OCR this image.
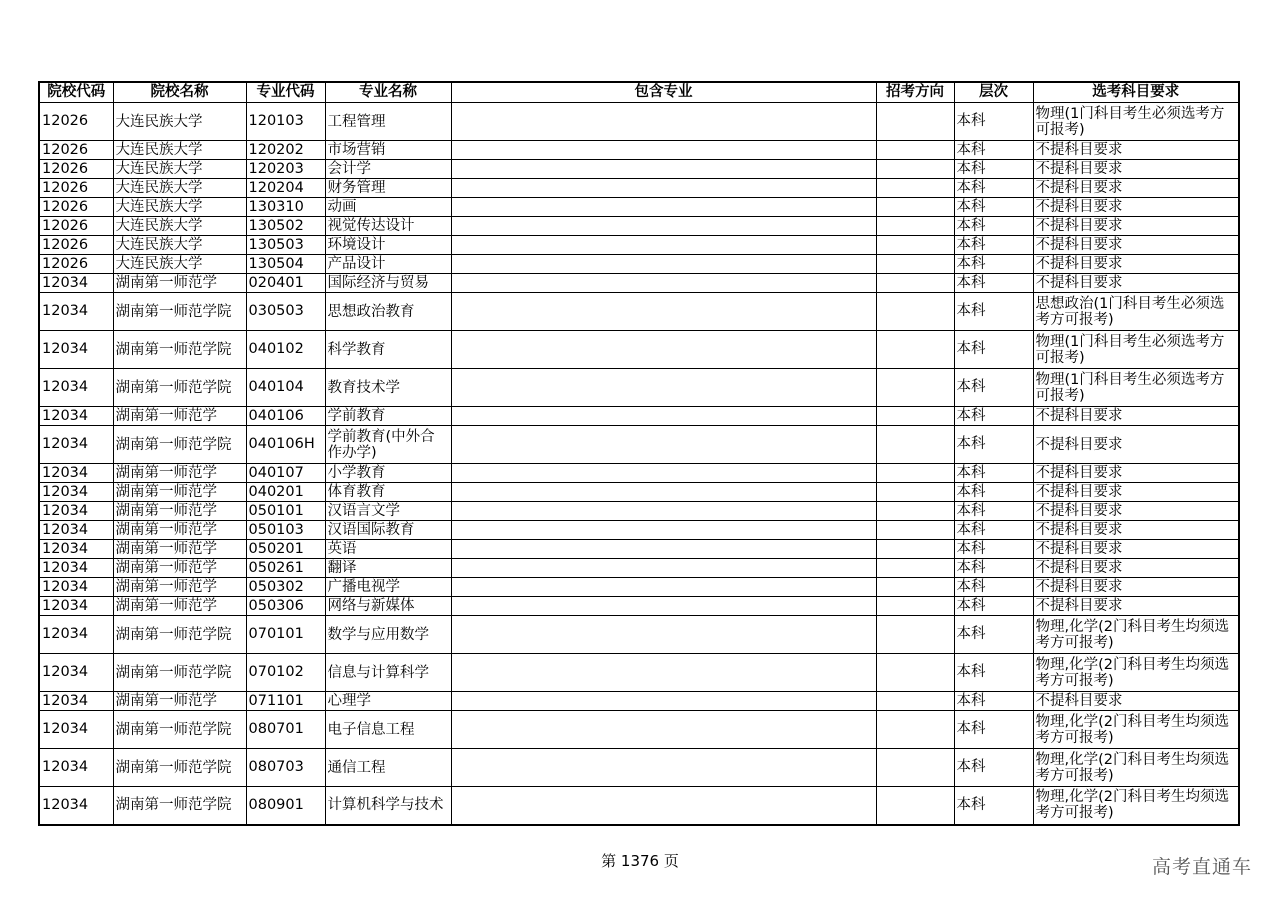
院校代码	院校名称	专业代码	专业名称	包含专业	招考方向	层次	选考科目要求
12026	大连民族大学	120103	工程管理			本科	物理(1门科目考生必须选考方可报考)
12026	大连民族大学	120202	市场营销			本科	不提科目要求
12026	大连民族大学	120203	会计学			本科	不提科目要求
12026	大连民族大学	120204	财务管理			本科	不提科目要求
12026	大连民族大学	130310	动画			本科	不提科目要求
12026	大连民族大学	130502	视觉传达设计			本科	不提科目要求
12026	大连民族大学	130503	环境设计			本科	不提科目要求
12026	大连民族大学	130504	产品设计			本科	不提科目要求
12034	湖南第一师范学	020401	国际经济与贸易			本科	不提科目要求
12034	湖南第一师范学院	030503	思想政治教育			本科	思想政治(1门科目考生必须选考方可报考)
12034	湖南第一师范学院	040102	科学教育			本科	物理(1门科目考生必须选考方可报考)
12034	湖南第一师范学院	040104	教育技术学			本科	物理(1门科目考生必须选考方可报考)
12034	湖南第一师范学	040106	学前教育			本科	不提科目要求
12034	湖南第一师范学院	040106H	学前教育(中外合作办学)			本科	不提科目要求
12034	湖南第一师范学	040107	小学教育			本科	不提科目要求
12034	湖南第一师范学	040201	体育教育			本科	不提科目要求
12034	湖南第一师范学	050101	汉语言文学			本科	不提科目要求
12034	湖南第一师范学	050103	汉语国际教育			本科	不提科目要求
12034	湖南第一师范学	050201	英语			本科	不提科目要求
12034	湖南第一师范学	050261	翻译			本科	不提科目要求
12034	湖南第一师范学	050302	广播电视学			本科	不提科目要求
12034	湖南第一师范学	050306	网络与新媒体			本科	不提科目要求
12034	湖南第一师范学院	070101	数学与应用数学			本科	物理,化学(2门科目考生均须选考方可报考)
12034	湖南第一师范学院	070102	信息与计算科学			本科	物理,化学(2门科目考生均须选考方可报考)
12034	湖南第一师范学	071101	心理学			本科	不提科目要求
12034	湖南第一师范学院	080701	电子信息工程			本科	物理,化学(2门科目考生均须选考方可报考)
12034	湖南第一师范学院	080703	通信工程			本科	物理,化学(2门科目考生均须选考方可报考)
12034	湖南第一师范学院	080901	计算机科学与技术			本科	物理,化学(2门科目考生均须选考方可报考)
第 1376 页	高考直通车
